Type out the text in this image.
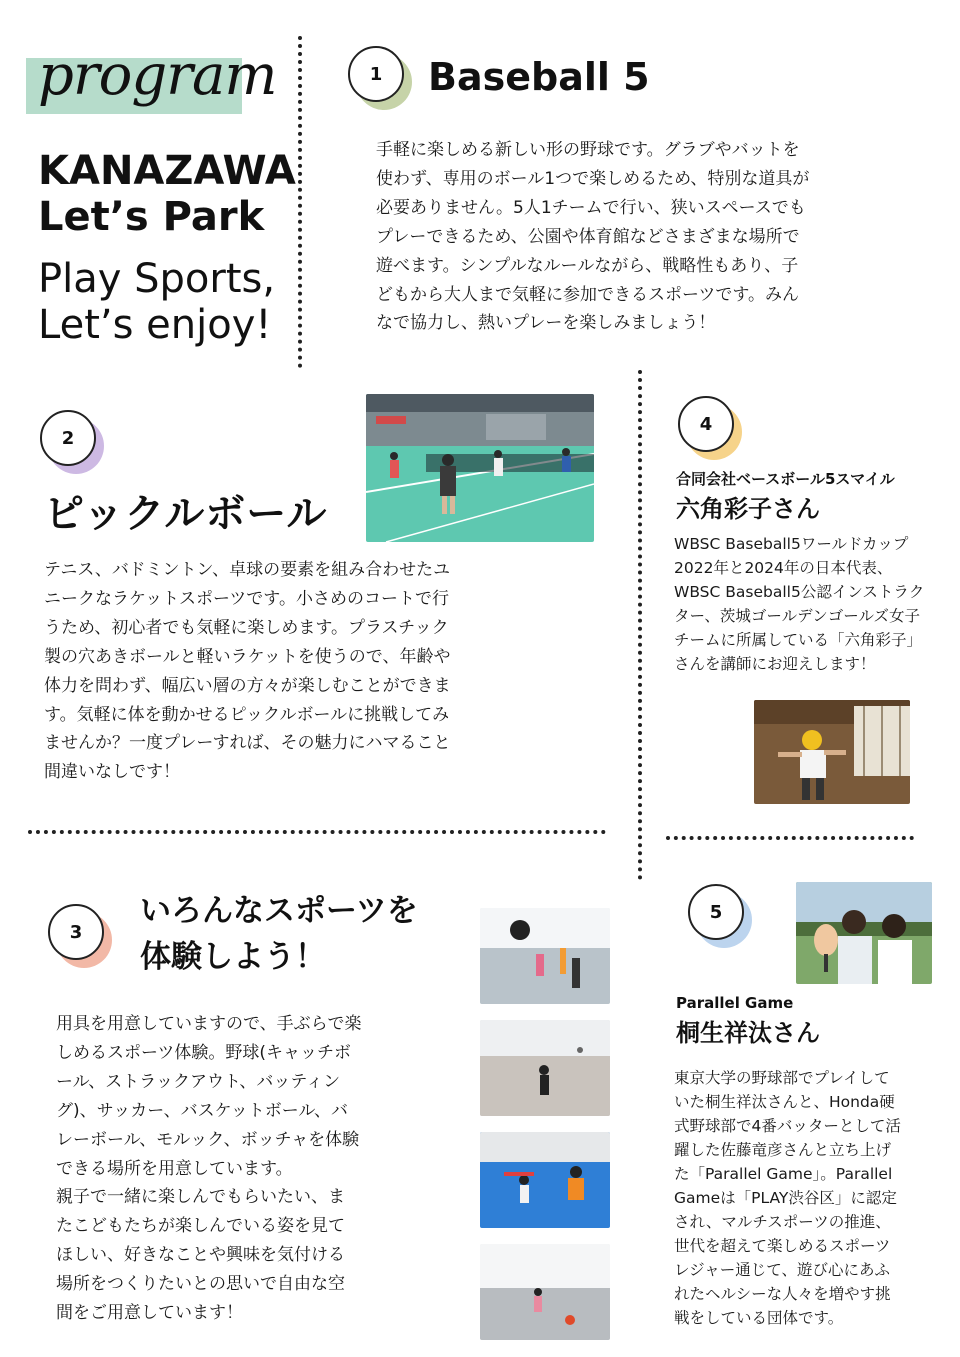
program
KANAZAWA
Let’s Park
Play Sports,
Let’s enjoy!
1	Baseball 5

手軽に楽しめる新しい形の野球です。グラブやバットを

使わず、専用のボール1つで楽しめるため、特別な道具が

必要ありません。5人1チームで行い、狭いスペースでも

プレーできるため、公園や体育館などさまざまな場所で

遊べます。シンプルなルールながら、戦略性もあり、子

どもから大人まで気軽に参加できるスポーツです。みん

なで協力し、熱いプレーを楽しみましょう！

2
ピックルボール

テニス、バドミントン、卓球の要素を組み合わせたユ

ニークなラケットスポーツです。小さめのコートで行

うため、初心者でも気軽に楽しめます。プラスチック

製の穴あきボールと軽いラケットを使うので、年齢や

体力を問わず、幅広い層の方々が楽しむことができま

す。気軽に体を動かせるピックルボールに挑戦してみ

ませんか？一度プレーすれば、その魅力にハマること

間違いなしです！

3
いろんなスポーツを
体験しよう！

用具を用意していますので、手ぶらで楽

しめるスポーツ体験。野球(キャッチボ

ール、ストラックアウト、バッティン

グ)、サッカー、バスケットボール、バ

レーボール、モルック、ボッチャを体験

できる場所を用意しています。

親子で一緒に楽しんでもらいたい、ま

たこどもたちが楽しんでいる姿を見て

ほしい、好きなことや興味を気付ける

場所をつくりたいとの思いで自由な空

間をご用意しています！

4
合同会社ベースボール5スマイル
六角彩子さん

WBSC Baseball5ワールドカップ

2022年と2024年の日本代表、

WBSC Baseball5公認インストラク

ター、茨城ゴールデンゴールズ女子

チームに所属している「六角彩子」

さんを講師にお迎えします！

5
Parallel Game
桐生祥汰さん

東京大学の野球部でプレイして

いた桐生祥汰さんと、Honda硬

式野球部で4番バッターとして活

躍した佐藤竜彦さんと立ち上げ

た「Parallel Game」。Parallel

Gameは「PLAY渋谷区」に認定

され、マルチスポーツの推進、

世代を超えて楽しめるスポーツ

レジャー通じて、遊び心にあふ

れたヘルシーな人々を増やす挑

戦をしている団体です。
